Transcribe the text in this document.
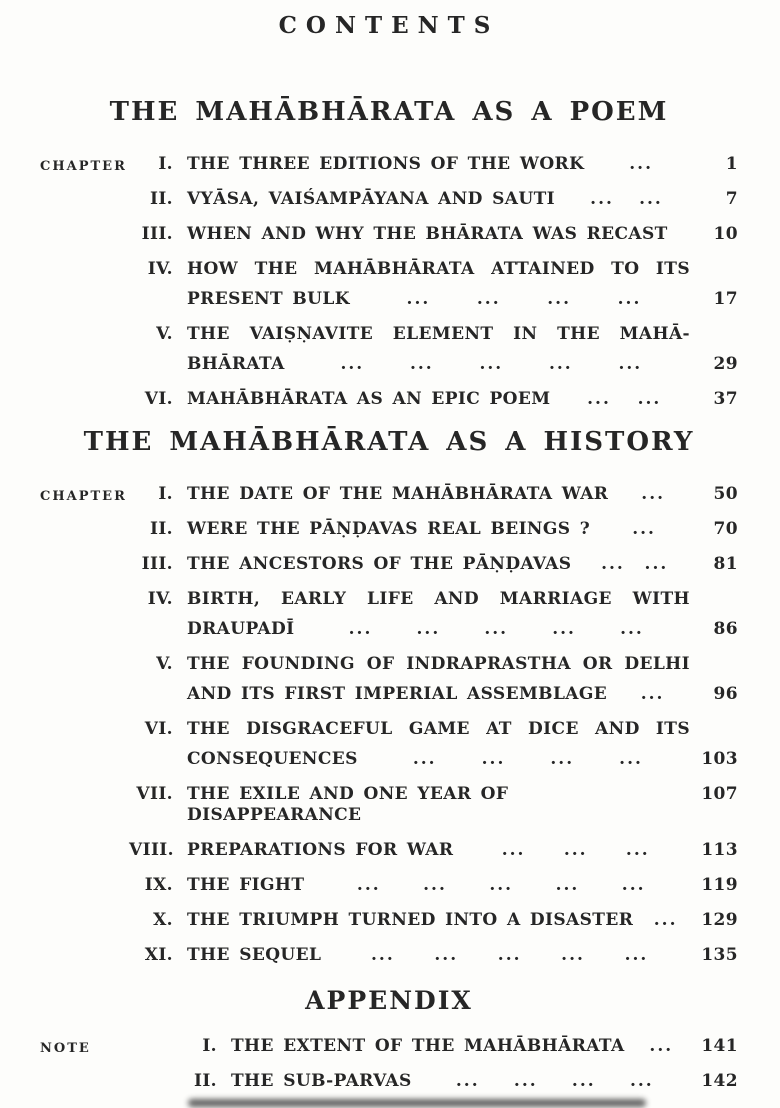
CONTENTS
THE MAHĀBHĀRATA AS A POEM
chapter	I. THE THREE EDITIONS OF THE WORK	...	1
II. VYĀSA, VAIŚAMPĀYANA AND SAUTI ... ...	7
III. WHEN AND WHY THE BHĀRATA WAS RECAST	10
IV. HOW THE MAHĀBHĀRATA ATTAINED TO ITS
PRESENT BULK	...	...	...	...	17
V. THE VAIṢṆAVITE ELEMENT IN THE MAHĀ-
BHĀRATA	...	...	...	...	...	29
VI. MAHĀBHĀRATA AS AN EPIC POEM ... ...	37
THE MAHĀBHĀRATA AS A HISTORY
chapter	I. THE DATE OF THE MAHĀBHĀRATA WAR ...	50
II. WERE THE PĀṆḌAVAS REAL BEINGS ? ...	70
III. THE ANCESTORS OF THE PĀṆḌAVAS ... ...	81
IV. BIRTH, EARLY LIFE AND MARRIAGE WITH
DRAUPADĪ	...	...	...	...	...	86
V. THE FOUNDING OF INDRAPRASTHA OR DELHI
AND ITS FIRST IMPERIAL ASSEMBLAGE ...	96
VI. THE DISGRACEFUL GAME AT DICE AND ITS
CONSEQUENCES	...	...	...	...	103
VII. THE EXILE AND ONE YEAR OF DISAPPEARANCE
107
VIII. PREPARATIONS FOR WAR	... ... ...	113
IX. THE FIGHT	... ... ... ... ...	119
X. THE TRIUMPH TURNED INTO A DISASTER ... 129
XI. THE SEQUEL	... ... ... ... ...	135
APPENDIX
note	I. THE EXTENT OF THE MAHĀBHĀRATA ... 141
II. THE SUB-PARVAS	... ... ... ...	142
